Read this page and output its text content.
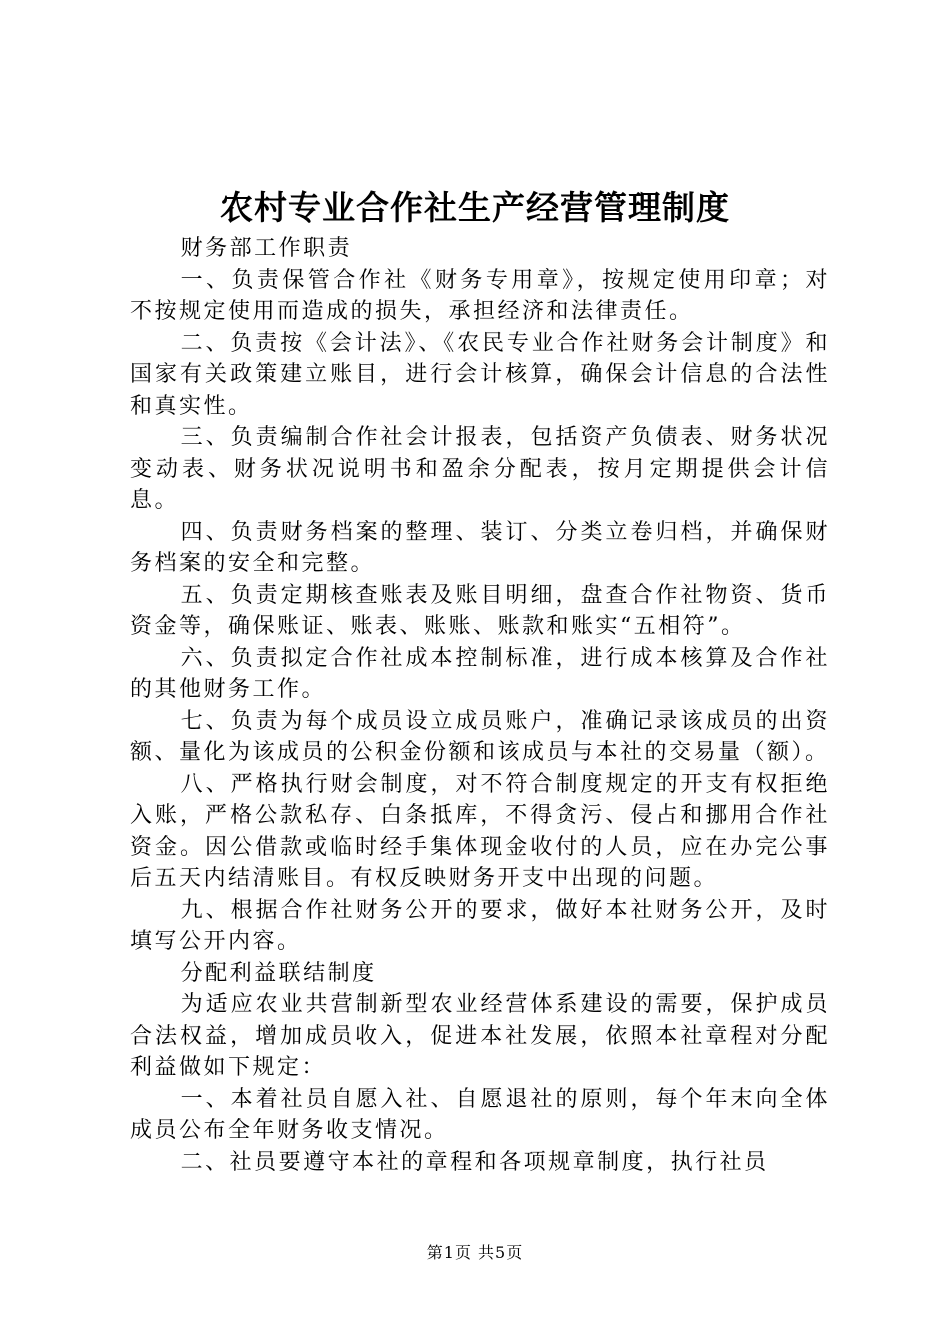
农村专业合作社生产经营管理制度

财务部工作职责

一、负责保管合作社《财务专用章》，按规定使用印章；对不按规定使用而造成的损失，承担经济和法律责任。

二、负责按《会计法》、《农民专业合作社财务会计制度》和国家有关政策建立账目，进行会计核算，确保会计信息的合法性和真实性。

三、负责编制合作社会计报表，包括资产负债表、财务状况变动表、财务状况说明书和盈余分配表，按月定期提供会计信息。

四、负责财务档案的整理、装订、分类立卷归档，并确保财务档案的安全和完整。

五、负责定期核查账表及账目明细，盘查合作社物资、货币资金等，确保账证、账表、账账、账款和账实“五相符”。

六、负责拟定合作社成本控制标准，进行成本核算及合作社的其他财务工作。

七、负责为每个成员设立成员账户，准确记录该成员的出资额、量化为该成员的公积金份额和该成员与本社的交易量（额）。

八、严格执行财会制度，对不符合制度规定的开支有权拒绝入账，严格公款私存、白条抵库，不得贪污、侵占和挪用合作社资金。因公借款或临时经手集体现金收付的人员，应在办完公事后五天内结清账目。有权反映财务开支中出现的问题。

九、根据合作社财务公开的要求，做好本社财务公开，及时填写公开内容。

分配利益联结制度

为适应农业共营制新型农业经营体系建设的需要，保护成员合法权益，增加成员收入，促进本社发展，依照本社章程对分配利益做如下规定：

一、本着社员自愿入社、自愿退社的原则，每个年末向全体成员公布全年财务收支情况。

二、社员要遵守本社的章程和各项规章制度，执行社员

第1页 共5页
